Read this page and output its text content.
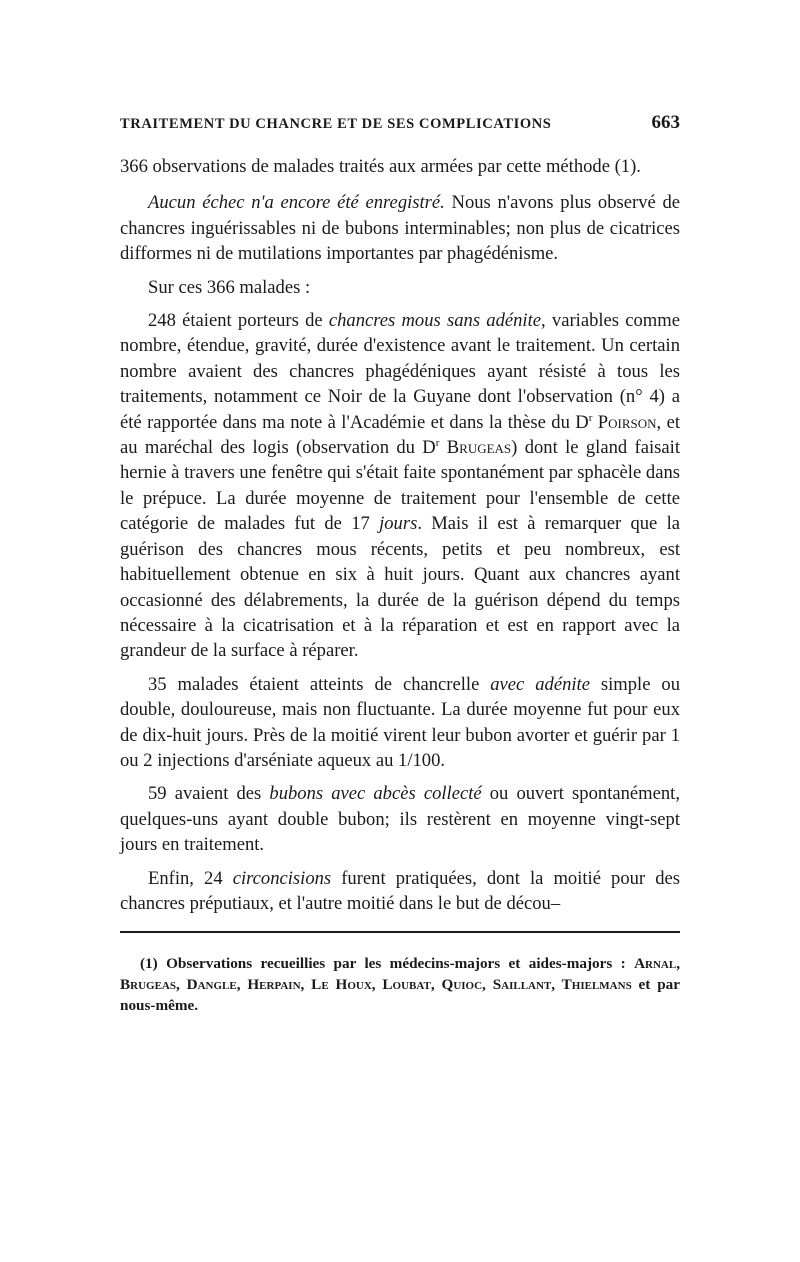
TRAITEMENT DU CHANCRE ET DE SES COMPLICATIONS	663

366 observations de malades traités aux armées par cette méthode (1).

Aucun échec n'a encore été enregistré. Nous n'avons plus observé de chancres inguérissables ni de bubons interminables; non plus de cicatrices difformes ni de mutilations importantes par phagédénisme.

Sur ces 366 malades :

248 étaient porteurs de chancres mous sans adénite, variables comme nombre, étendue, gravité, durée d'existence avant le traitement. Un certain nombre avaient des chancres phagédéniques ayant résisté à tous les traitements, notamment ce Noir de la Guyane dont l'observation (n° 4) a été rapportée dans ma note à l'Académie et dans la thèse du $D^r$ Poirson, et au maréchal des logis (observation du $D^r$ Brugeas) dont le gland faisait hernie à travers une fenêtre qui s'était faite spontanément par sphacèle dans le prépuce. La durée moyenne de traitement pour l'ensemble de cette catégorie de malades fut de 17 jours. Mais il est à remarquer que la guérison des chancres mous récents, petits et peu nombreux, est habituellement obtenue en six à huit jours. Quant aux chancres ayant occasionné des délabrements, la durée de la guérison dépend du temps nécessaire à la cicatrisation et à la réparation et est en rapport avec la grandeur de la surface à réparer.

35 malades étaient atteints de chancrelle avec adénite simple ou double, douloureuse, mais non fluctuante. La durée moyenne fut pour eux de dix-huit jours. Près de la moitié virent leur bubon avorter et guérir par 1 ou 2 injections d'arséniate aqueux au 1/100.

59 avaient des bubons avec abcès collecté ou ouvert spontanément, quelques-uns ayant double bubon; ils restèrent en moyenne vingt-sept jours en traitement.

Enfin, 24 circoncisions furent pratiquées, dont la moitié pour des chancres préputiaux, et l'autre moitié dans le but de décou–

(1) Observations recueillies par les médecins-majors et aides-majors : Arnal, Brugeas, Dangle, Herpain, Le Houx, Loubat, Quioc, Saillant, Thielmans et par nous-même.
